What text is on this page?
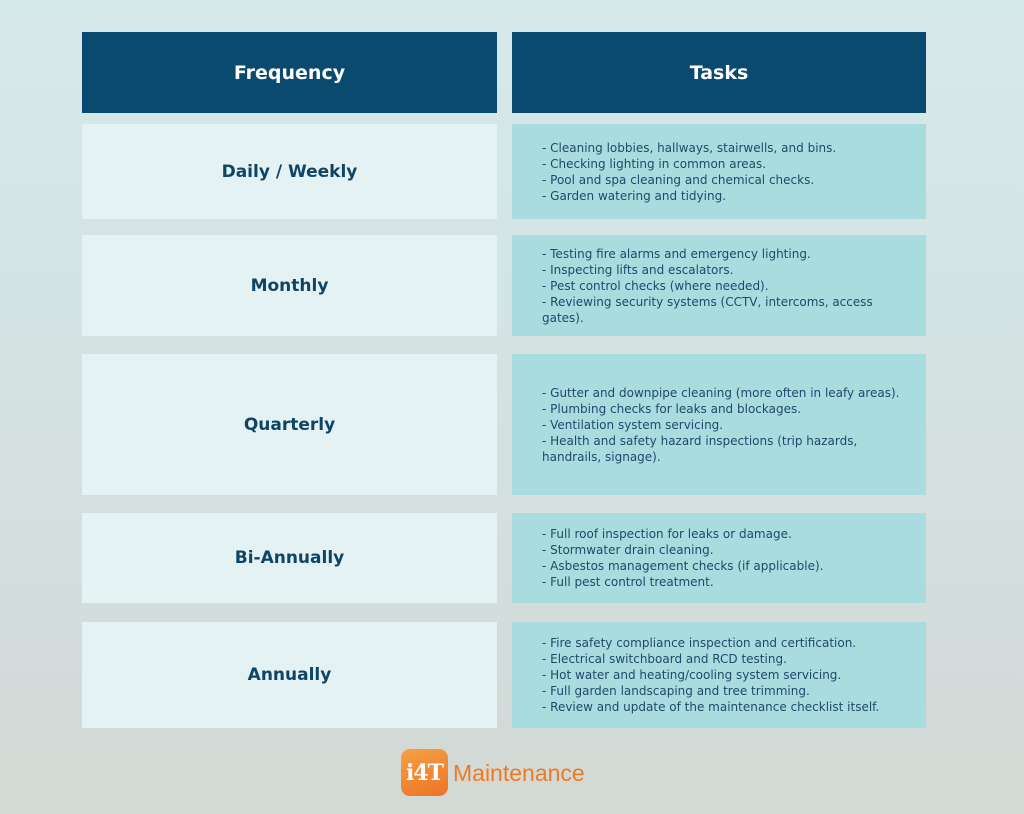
Frequency	Tasks
Daily / Weekly
- Cleaning lobbies, hallways, stairwells, and bins.
- Checking lighting in common areas.
- Pool and spa cleaning and chemical checks.
- Garden watering and tidying.
Monthly
- Testing fire alarms and emergency lighting.
- Inspecting lifts and escalators.
- Pest control checks (where needed).
- Reviewing security systems (CCTV, intercoms, access gates).
Quarterly
- Gutter and downpipe cleaning (more often in leafy areas).
- Plumbing checks for leaks and blockages.
- Ventilation system servicing.
- Health and safety hazard inspections (trip hazards, handrails, signage).
Bi-Annually
- Full roof inspection for leaks or damage.
- Stormwater drain cleaning.
- Asbestos management checks (if applicable).
- Full pest control treatment.
Annually
- Fire safety compliance inspection and certification.
- Electrical switchboard and RCD testing.
- Hot water and heating/cooling system servicing.
- Full garden landscaping and tree trimming.
- Review and update of the maintenance checklist itself.
i4T Maintenance
